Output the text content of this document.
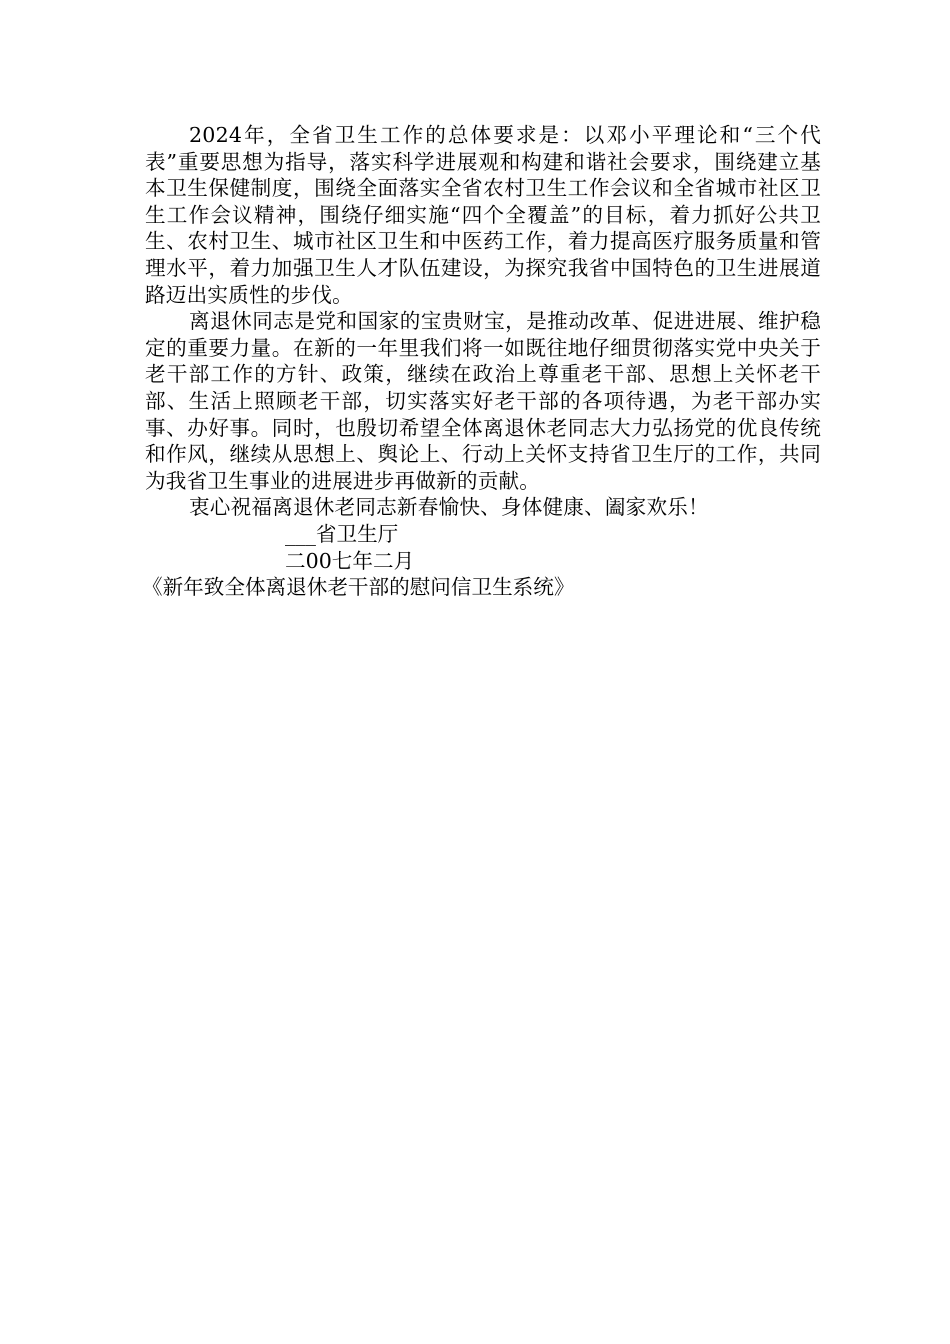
2024年，全省卫生工作的总体要求是：以邓小平理论和“三个代表”重要思想为指导，落实科学进展观和构建和谐社会要求，围绕建立基本卫生保健制度，围绕全面落实全省农村卫生工作会议和全省城市社区卫生工作会议精神，围绕仔细实施“四个全覆盖”的目标，着力抓好公共卫生、农村卫生、城市社区卫生和中医药工作，着力提高医疗服务质量和管理水平，着力加强卫生人才队伍建设，为探究我省中国特色的卫生进展道路迈出实质性的步伐。

离退休同志是党和国家的宝贵财宝，是推动改革、促进进展、维护稳定的重要力量。在新的一年里我们将一如既往地仔细贯彻落实党中央关于老干部工作的方针、政策，继续在政治上尊重老干部、思想上关怀老干部、生活上照顾老干部，切实落实好老干部的各项待遇，为老干部办实事、办好事。同时，也殷切希望全体离退休老同志大力弘扬党的优良传统和作风，继续从思想上、舆论上、行动上关怀支持省卫生厅的工作，共同为我省卫生事业的进展进步再做新的贡献。

衷心祝福离退休老同志新春愉快、身体健康、阖家欢乐！

___省卫生厅

二00七年二月

《新年致全体离退休老干部的慰问信卫生系统》
